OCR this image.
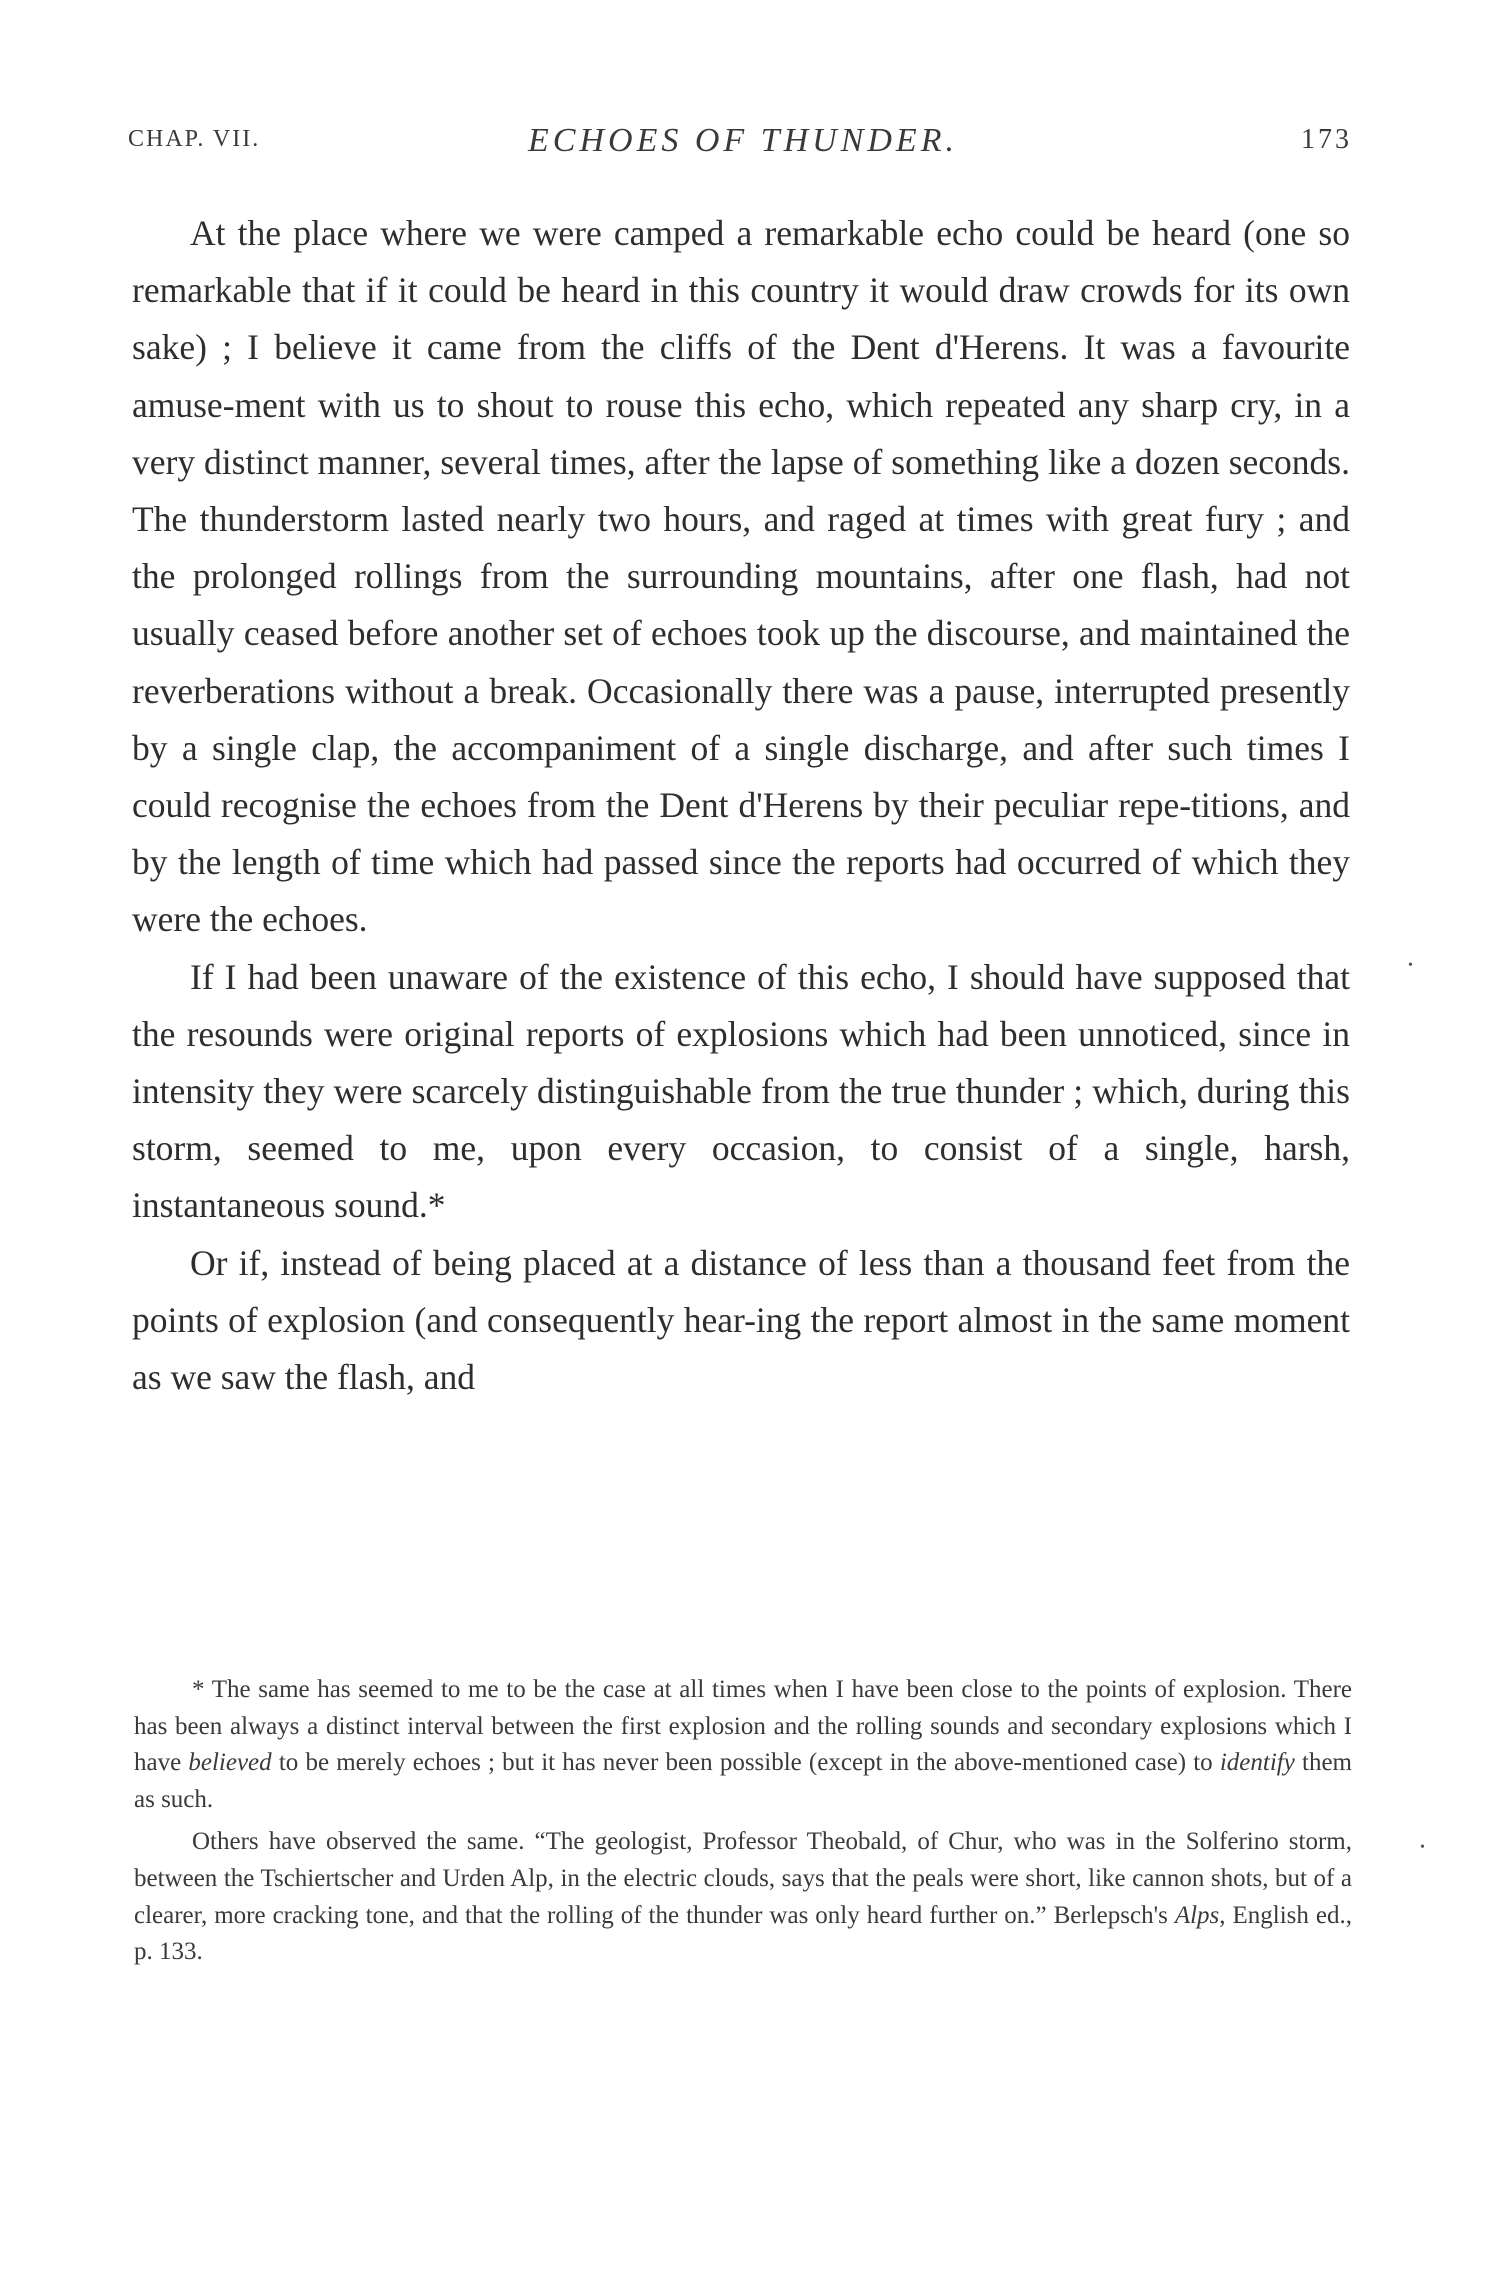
CHAP. VII.	ECHOES OF THUNDER.	173

At the place where we were camped a remarkable echo could be heard (one so remarkable that if it could be heard in this country it would draw crowds for its own sake) ; I believe it came from the cliffs of the Dent d'Herens. It was a favourite amuse-ment with us to shout to rouse this echo, which repeated any sharp cry, in a very distinct manner, several times, after the lapse of something like a dozen seconds. The thunderstorm lasted nearly two hours, and raged at times with great fury ; and the prolonged rollings from the surrounding mountains, after one flash, had not usually ceased before another set of echoes took up the discourse, and maintained the reverberations without a break. Occasionally there was a pause, interrupted presently by a single clap, the accompaniment of a single discharge, and after such times I could recognise the echoes from the Dent d'Herens by their peculiar repe-titions, and by the length of time which had passed since the reports had occurred of which they were the echoes.

If I had been unaware of the existence of this echo, I should have supposed that the resounds were original reports of explosions which had been unnoticed, since in intensity they were scarcely distinguishable from the true thunder ; which, during this storm, seemed to me, upon every occasion, to consist of a single, harsh, instantaneous sound.*

Or if, instead of being placed at a distance of less than a thousand feet from the points of explosion (and consequently hear-ing the report almost in the same moment as we saw the flash, and

* The same has seemed to me to be the case at all times when I have been close to the points of explosion. There has been always a distinct interval between the first explosion and the rolling sounds and secondary explosions which I have believed to be merely echoes ; but it has never been possible (except in the above-mentioned case) to identify them as such.

Others have observed the same. “The geologist, Professor Theobald, of Chur, who was in the Solferino storm, between the Tschiertscher and Urden Alp, in the electric clouds, says that the peals were short, like cannon shots, but of a clearer, more cracking tone, and that the rolling of the thunder was only heard further on.” Berlepsch's Alps, English ed., p. 133.

•
•
